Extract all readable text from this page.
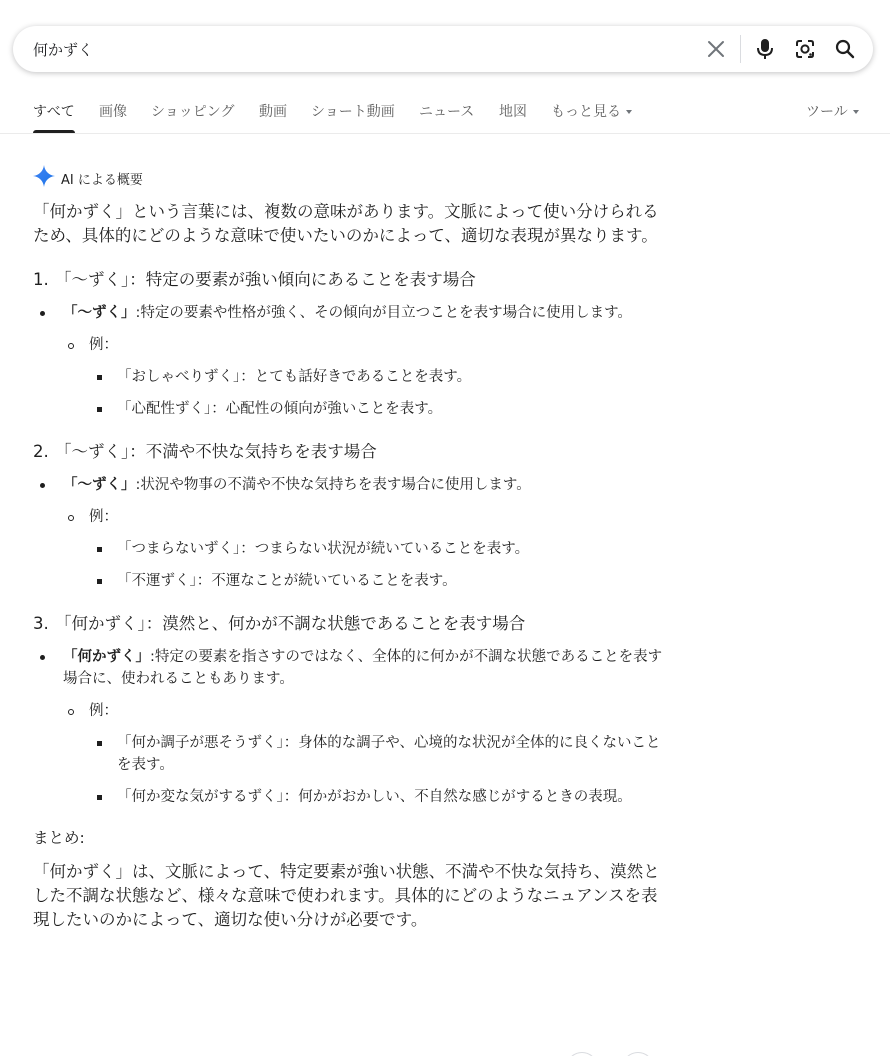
何かずく
すべて 画像 ショッピング 動画 ショート動画 ニュース 地図 もっと見る	ツール
AI による概要

「何かずく」という言葉には、複数の意味があります。文脈によって使い分けられるため、具体的にどのような意味で使いたいのかによって、適切な表現が異なります。

1. 「〜ずく」：特定の要素が強い傾向にあることを表す場合

「〜ずく」:特定の要素や性格が強く、その傾向が目立つことを表す場合に使用します。

例：

「おしゃべりずく」：とても話好きであることを表す。

「心配性ずく」：心配性の傾向が強いことを表す。

2. 「〜ずく」：不満や不快な気持ちを表す場合

「〜ずく」:状況や物事の不満や不快な気持ちを表す場合に使用します。

例：

「つまらないずく」：つまらない状況が続いていることを表す。

「不運ずく」：不運なことが続いていることを表す。

3. 「何かずく」：漠然と、何かが不調な状態であることを表す場合

「何かずく」:特定の要素を指さすのではなく、全体的に何かが不調な状態であることを表す場合に、使われることもあります。

例：

「何か調子が悪そうずく」：身体的な調子や、心境的な状況が全体的に良くないことを表す。

「何か変な気がするずく」：何かがおかしい、不自然な感じがするときの表現。

まとめ:

「何かずく」は、文脈によって、特定要素が強い状態、不満や不快な気持ち、漠然とした不調な状態など、様々な意味で使われます。具体的にどのようなニュアンスを表現したいのかによって、適切な使い分けが必要です。
